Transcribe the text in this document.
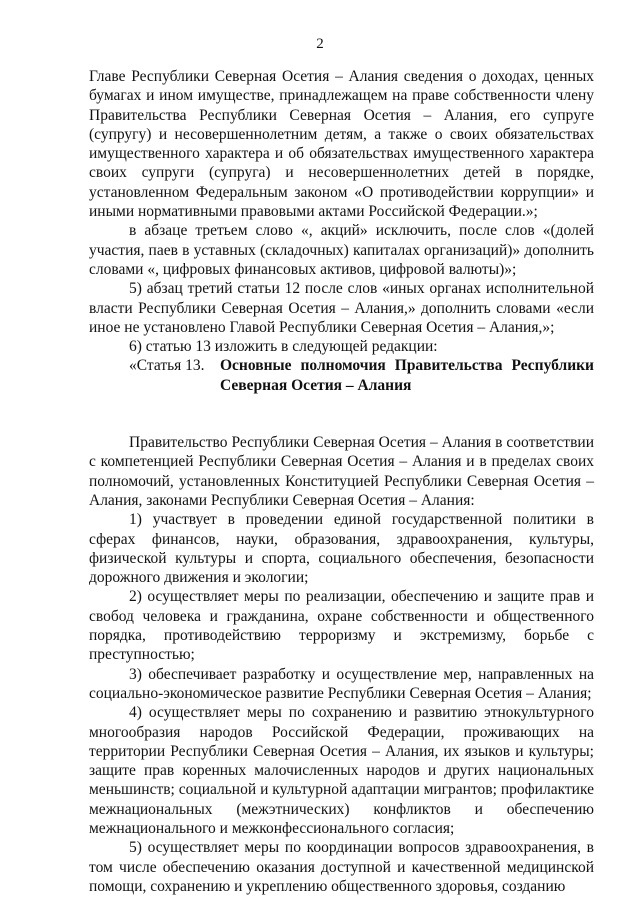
2

Главе Республики Северная Осетия – Алания сведения о доходах, ценных бумагах и ином имуществе, принадлежащем на праве собственности члену Правительства Республики Северная Осетия – Алания, его супруге (супругу) и несовершеннолетним детям, а также о своих обязательствах имущественного характера и об обязательствах имущественного характера своих супруги (супруга) и несовершеннолетних детей в порядке, установленном Федеральным законом «О противодействии коррупции» и иными нормативными правовыми актами Российской Федерации.»;

в абзаце третьем слово «, акций» исключить, после слов «(долей участия, паев в уставных (складочных) капиталах организаций)» дополнить словами «, цифровых финансовых активов, цифровой валюты)»;

5) абзац третий статьи 12 после слов «иных органах исполнительной власти Республики Северная Осетия – Алания,» дополнить словами «если иное не установлено Главой Республики Северная Осетия – Алания,»;

6) статью 13 изложить в следующей редакции:

«Статья 13. Основные полномочия Правительства Республики Северная Осетия – Алания

Правительство Республики Северная Осетия – Алания в соответствии с компетенцией Республики Северная Осетия – Алания и в пределах своих полномочий, установленных Конституцией Республики Северная Осетия – Алания, законами Республики Северная Осетия – Алания:

1) участвует в проведении единой государственной политики в сферах финансов, науки, образования, здравоохранения, культуры, физической культуры и спорта, социального обеспечения, безопасности дорожного движения и экологии;

2) осуществляет меры по реализации, обеспечению и защите прав и свобод человека и гражданина, охране собственности и общественного порядка, противодействию терроризму и экстремизму, борьбе с преступностью;

3) обеспечивает разработку и осуществление мер, направленных на социально-экономическое развитие Республики Северная Осетия – Алания;

4) осуществляет меры по сохранению и развитию этнокультурного многообразия народов Российской Федерации, проживающих на территории Республики Северная Осетия – Алания, их языков и культуры; защите прав коренных малочисленных народов и других национальных меньшинств; социальной и культурной адаптации мигрантов; профилактике межнациональных (межэтнических) конфликтов и обеспечению межнационального и межконфессионального согласия;

5) осуществляет меры по координации вопросов здравоохранения, в том числе обеспечению оказания доступной и качественной медицинской помощи, сохранению и укреплению общественного здоровья, созданию
